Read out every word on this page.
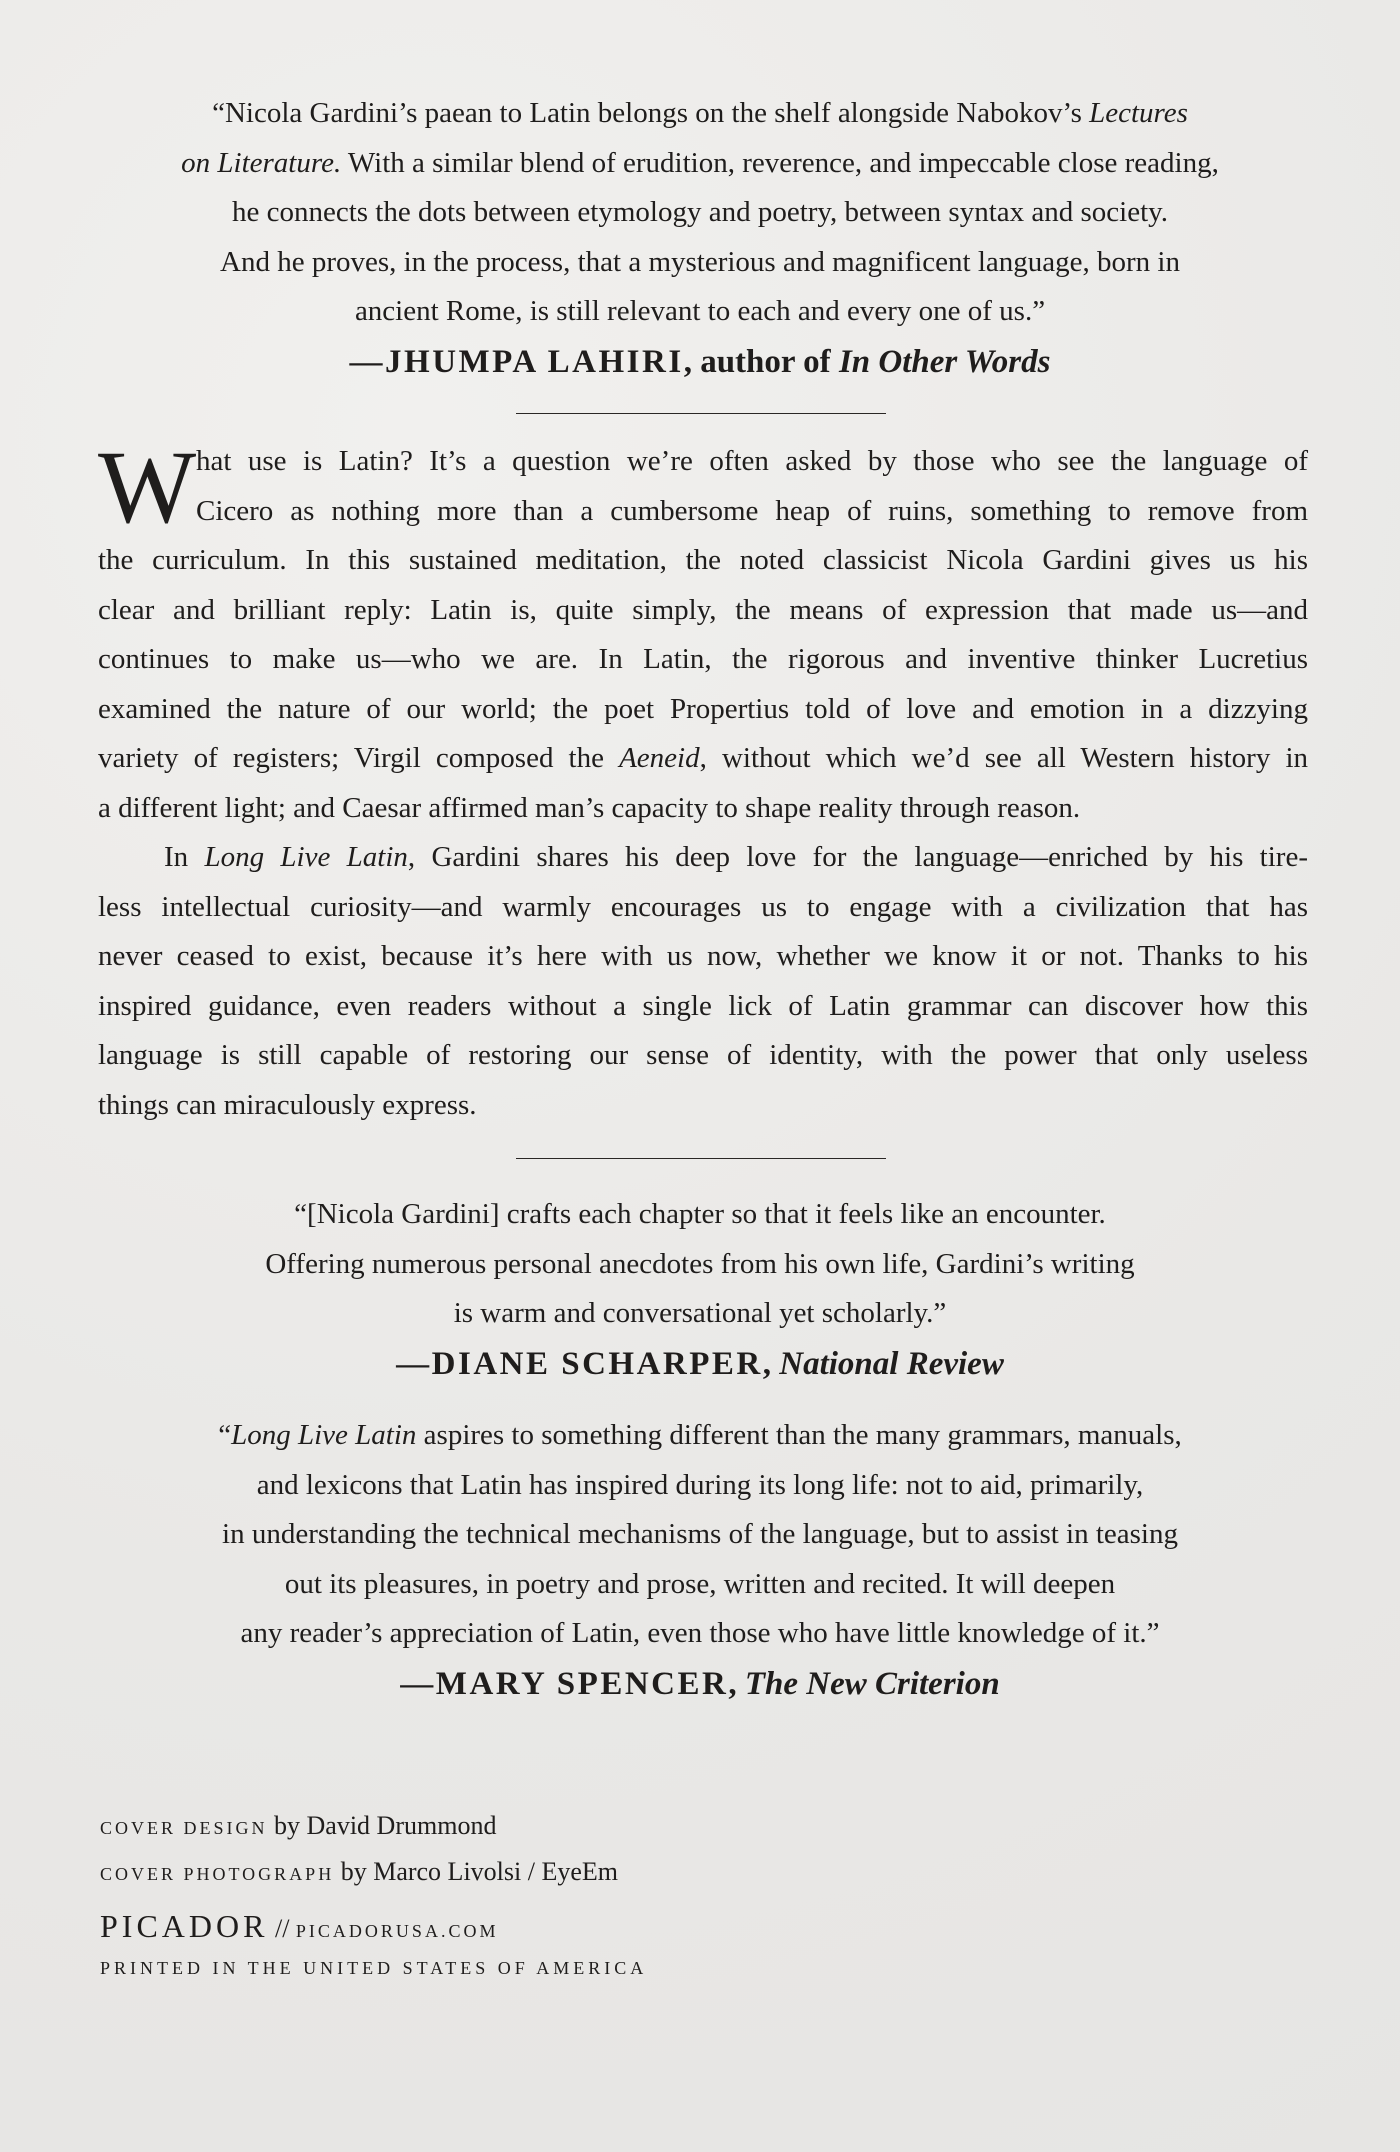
“Nicola Gardini’s paean to Latin belongs on the shelf alongside Nabokov’s Lectures
on Literature. With a similar blend of erudition, reverence, and impeccable close reading,
he connects the dots between etymology and poetry, between syntax and society.
And he proves, in the process, that a mysterious and magnificent language, born in
ancient Rome, is still relevant to each and every one of us.”
—JHUMPA LAHIRI, author of In Other Words
W hat use is Latin? It’s a question we’re often asked by those who see the language of
Cicero as nothing more than a cumbersome heap of ruins, something to remove from
the curriculum. In this sustained meditation, the noted classicist Nicola Gardini gives us his
clear and brilliant reply: Latin is, quite simply, the means of expression that made us—and
continues to make us—who we are. In Latin, the rigorous and inventive thinker Lucretius
examined the nature of our world; the poet Propertius told of love and emotion in a dizzying
variety of registers; Virgil composed the Aeneid, without which we’d see all Western history in
a different light; and Caesar affirmed man’s capacity to shape reality through reason.
In Long Live Latin, Gardini shares his deep love for the language—enriched by his tire-
less intellectual curiosity—and warmly encourages us to engage with a civilization that has
never ceased to exist, because it’s here with us now, whether we know it or not. Thanks to his
inspired guidance, even readers without a single lick of Latin grammar can discover how this
language is still capable of restoring our sense of identity, with the power that only useless
things can miraculously express.
“[Nicola Gardini] crafts each chapter so that it feels like an encounter.
Offering numerous personal anecdotes from his own life, Gardini’s writing
is warm and conversational yet scholarly.”
—DIANE SCHARPER, National Review
“Long Live Latin aspires to something different than the many grammars, manuals,
and lexicons that Latin has inspired during its long life: not to aid, primarily,
in understanding the technical mechanisms of the language, but to assist in teasing
out its pleasures, in poetry and prose, written and recited. It will deepen
any reader’s appreciation of Latin, even those who have little knowledge of it.”
—MARY SPENCER, The New Criterion
COVER DESIGN by David Drummond
COVER PHOTOGRAPH by Marco Livolsi / EyeEm
PICADOR // PICADORUSA.COM
PRINTED IN THE UNITED STATES OF AMERICA
